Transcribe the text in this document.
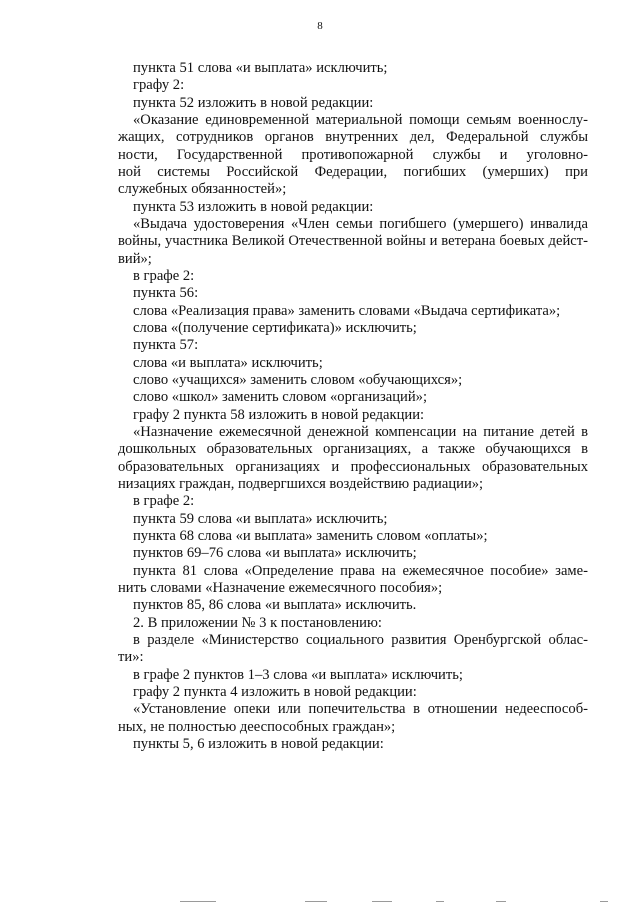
8
пункта 51 слова «и выплата» исключить;
графу 2:
пункта 52 изложить в новой редакции:
«Оказание единовременной материальной помощи семьям военнослу-
жащих, сотрудников органов внутренних дел, Федеральной службы
ности, Государственной противопожарной службы и уголовно-
ной системы Российской Федерации, погибших (умерших) при
служебных обязанностей»;
пункта 53 изложить в новой редакции:
«Выдача удостоверения «Член семьи погибшего (умершего) инвалида
войны, участника Великой Отечественной войны и ветерана боевых дейст-
вий»;
в графе 2:
пункта 56:
слова «Реализация права» заменить словами «Выдача сертификата»;
слова «(получение сертификата)» исключить;
пункта 57:
слова «и выплата» исключить;
слово «учащихся» заменить словом «обучающихся»;
слово «школ» заменить словом «организаций»;
графу 2 пункта 58 изложить в новой редакции:
«Назначение ежемесячной денежной компенсации на питание детей в
дошкольных образовательных организациях, а также обучающихся в
образовательных организациях и профессиональных образовательных
низациях граждан, подвергшихся воздействию радиации»;
в графе 2:
пункта 59 слова «и выплата» исключить;
пункта 68 слова «и выплата» заменить словом «оплаты»;
пунктов 69–76 слова «и выплата» исключить;
пункта 81 слова «Определение права на ежемесячное пособие» заме-
нить словами «Назначение ежемесячного пособия»;
пунктов 85, 86 слова «и выплата» исключить.
2. В приложении № 3 к постановлению:
в разделе «Министерство социального развития Оренбургской облас-
ти»:
в графе 2 пунктов 1–3 слова «и выплата» исключить;
графу 2 пункта 4 изложить в новой редакции:
«Установление опеки или попечительства в отношении недееспособ-
ных, не полностью дееспособных граждан»;
пункты 5, 6 изложить в новой редакции:
